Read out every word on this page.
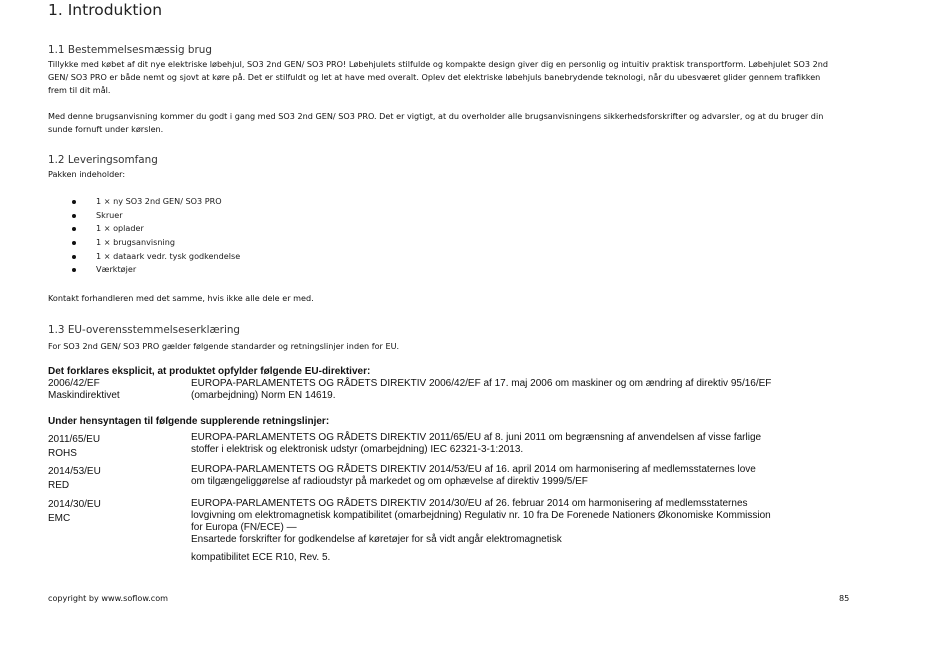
1. Introduktion
1.1 Bestemmelsesmæssig brug
Tillykke med købet af dit nye elektriske løbehjul, SO3 2nd GEN/ SO3 PRO! Løbehjulets stilfulde og kompakte design giver dig en personlig og intuitiv praktisk transportform. Løbehjulet SO3 2nd
GEN/ SO3 PRO er både nemt og sjovt at køre på. Det er stilfuldt og let at have med overalt. Oplev det elektriske løbehjuls banebrydende teknologi, når du ubesværet glider gennem trafikken
frem til dit mål.
Med denne brugsanvisning kommer du godt i gang med SO3 2nd GEN/ SO3 PRO. Det er vigtigt, at du overholder alle brugsanvisningens sikkerhedsforskrifter og advarsler, og at du bruger din
sunde fornuft under kørslen.
1.2 Leveringsomfang
Pakken indeholder:
1 × ny SO3 2nd GEN/ SO3 PRO
Skruer
1 × oplader
1 × brugsanvisning
1 × dataark vedr. tysk godkendelse
Værktøjer
Kontakt forhandleren med det samme, hvis ikke alle dele er med.
1.3 EU-overensstemmelseserklæring
For SO3 2nd GEN/ SO3 PRO gælder følgende standarder og retningslinjer inden for EU.
Det forklares eksplicit, at produktet opfylder følgende EU-direktiver:
2006/42/EF
Maskindirektivet
EUROPA-PARLAMENTETS OG RÅDETS DIREKTIV 2006/42/EF af 17. maj 2006 om maskiner og om ændring af direktiv 95/16/EF
(omarbejdning) Norm EN 14619.
Under hensyntagen til følgende supplerende retningslinjer:
2011/65/EU
ROHS
EUROPA-PARLAMENTETS OG RÅDETS DIREKTIV 2011/65/EU af 8. juni 2011 om begrænsning af anvendelsen af visse farlige
stoffer i elektrisk og elektronisk udstyr (omarbejdning) IEC 62321-3-1:2013.
2014/53/EU
RED
EUROPA-PARLAMENTETS OG RÅDETS DIREKTIV 2014/53/EU af 16. april 2014 om harmonisering af medlemsstaternes love
om tilgængeliggørelse af radioudstyr på markedet og om ophævelse af direktiv 1999/5/EF
2014/30/EU
EMC
EUROPA-PARLAMENTETS OG RÅDETS DIREKTIV 2014/30/EU af 26. februar 2014 om harmonisering af medlemsstaternes
lovgivning om elektromagnetisk kompatibilitet (omarbejdning) Regulativ nr. 10 fra De Forenede Nationers Økonomiske Kommission
for Europa (FN/ECE) —
Ensartede forskrifter for godkendelse af køretøjer for så vidt angår elektromagnetisk
kompatibilitet ECE R10, Rev. 5.
copyright by www.soflow.com	85
